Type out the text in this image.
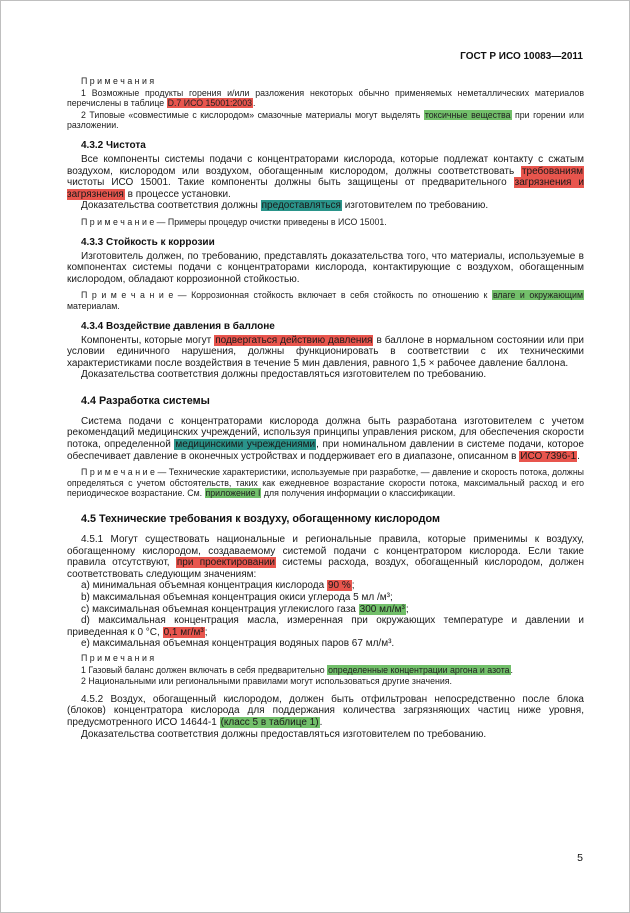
ГОСТ Р ИСО 10083—2011
П р и м е ч а н и я
1 Возможные продукты горения и/или разложения некоторых обычно применяемых неметаллических материалов перечислены в таблице D.7 ИСО 15001:2003.
2 Типовые «совместимые с кислородом» смазочные материалы могут выделять токсичные вещества при горении или разложении.
4.3.2 Чистота
Все компоненты системы подачи с концентраторами кислорода, которые подлежат контакту с сжатым воздухом, кислородом или воздухом, обогащенным кислородом, должны соответствовать требованиям чистоты ИСО 15001. Такие компоненты должны быть защищены от предварительного загрязнения и загрязнения в процессе установки.
Доказательства соответствия должны предоставляться изготовителем по требованию.
П р и м е ч а н и е — Примеры процедур очистки приведены в ИСО 15001.
4.3.3 Стойкость к коррозии
Изготовитель должен, по требованию, представлять доказательства того, что материалы, используемые в компонентах системы подачи с концентраторами кислорода, контактирующие с воздухом, обогащенным кислородом, обладают коррозионной стойкостью.
П р и м е ч а н и е — Коррозионная стойкость включает в себя стойкость по отношению к влаге и окружающим материалам.
4.3.4 Воздействие давления в баллоне
Компоненты, которые могут подвергаться действию давления в баллоне в нормальном состоянии или при условии единичного нарушения, должны функционировать в соответствии с их техническими характеристиками после воздействия в течение 5 мин давления, равного 1,5 × рабочее давление баллона.
Доказательства соответствия должны предоставляться изготовителем по требованию.
4.4 Разработка системы
Система подачи с концентраторами кислорода должна быть разработана изготовителем с учетом рекомендаций медицинских учреждений, используя принципы управления риском, для обеспечения скорости потока, определенной медицинскими учреждениями, при номинальном давлении в системе подачи, которое обеспечивает давление в оконечных устройствах и поддерживает его в диапазоне, описанном в ИСО 7396-1.
П р и м е ч а н и е — Технические характеристики, используемые при разработке, — давление и скорость потока, должны определяться с учетом обстоятельств, таких как ежедневное возрастание скорости потока, максимальный расход и его периодическое возрастание. См. приложение I для получения информации о классификации.
4.5 Технические требования к воздуху, обогащенному кислородом
4.5.1 Могут существовать национальные и региональные правила, которые применимы к воздуху, обогащенному кислородом, создаваемому системой подачи с концентратором кислорода. Если такие правила отсутствуют, при проектировании системы расхода, воздух, обогащенный кислородом, должен соответствовать следующим значениям:
a) минимальная объемная концентрация кислорода 90 %;
b) максимальная объемная концентрация окиси углерода 5 мл /м³;
c) максимальная объемная концентрация углекислого газа 300 мл/м³;
d) максимальная концентрация масла, измеренная при окружающих температуре и давлении и приведенная к 0 °C, 0,1 мг/м³;
e) максимальная объемная концентрация водяных паров 67 мл/м³.
П р и м е ч а н и я
1 Газовый баланс должен включать в себя предварительно определенные концентрации аргона и азота.
2 Национальными или региональными правилами могут использоваться другие значения.
4.5.2 Воздух, обогащенный кислородом, должен быть отфильтрован непосредственно после блока (блоков) концентратора кислорода для поддержания количества загрязняющих частиц ниже уровня, предусмотренного ИСО 14644-1 (класс 5 в таблице 1).
Доказательства соответствия должны предоставляться изготовителем по требованию.
5
